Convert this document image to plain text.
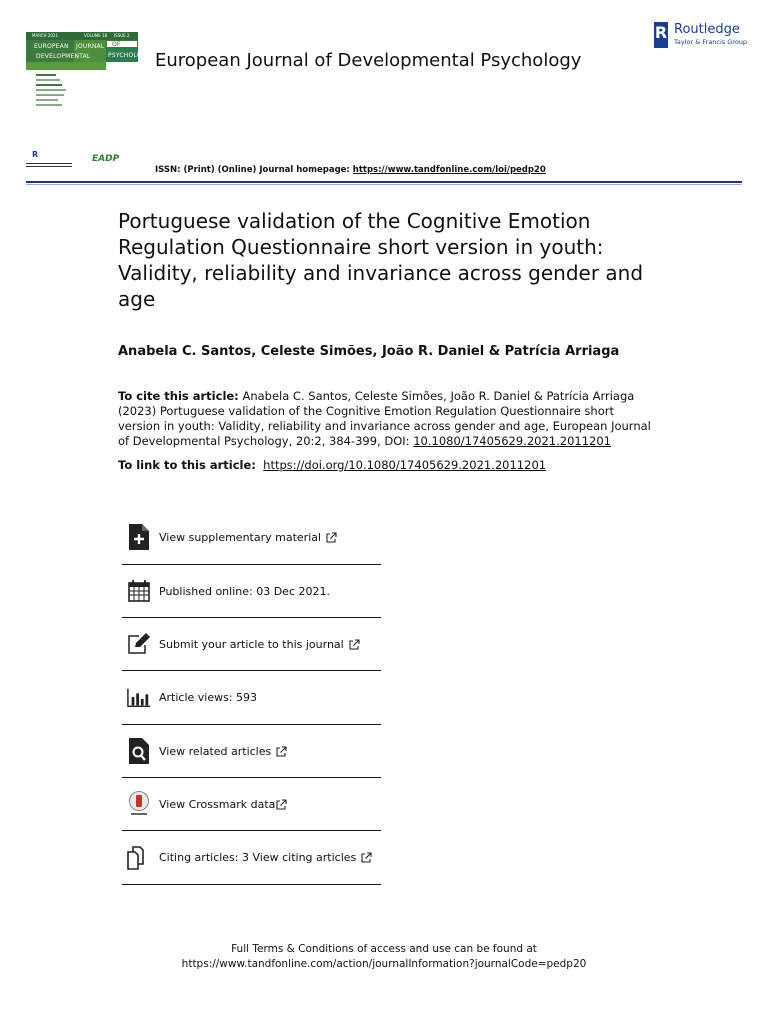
MARCH 2021	VOLUME 18 ISSUE 2
EUROPEAN JOURNAL OF
DEVELOPMENTAL	PSYCHOLOGY European Journal of Developmental Psychology
R Routledge
Taylor & Francis Group
R	EADP
ISSN: (Print) (Online) Journal homepage: https://www.tandfonline.com/loi/pedp20
Portuguese validation of the Cognitive Emotion Regulation Questionnaire short version in youth: Validity, reliability and invariance across gender and age
Anabela C. Santos, Celeste Simões, João R. Daniel & Patrícia Arriaga
To cite this article: Anabela C. Santos, Celeste Simões, João R. Daniel & Patrícia Arriaga (2023) Portuguese validation of the Cognitive Emotion Regulation Questionnaire short version in youth: Validity, reliability and invariance across gender and age, European Journal of Developmental Psychology, 20:2, 384-399, DOI: 10.1080/17405629.2021.2011201
To link to this article: https://doi.org/10.1080/17405629.2021.2011201
View supplementary material
Published online: 03 Dec 2021.
Submit your article to this journal
Article views: 593
View related articles
View Crossmark data
Citing articles: 3 View citing articles
Full Terms & Conditions of access and use can be found at
https://www.tandfonline.com/action/journalInformation?journalCode=pedp20
